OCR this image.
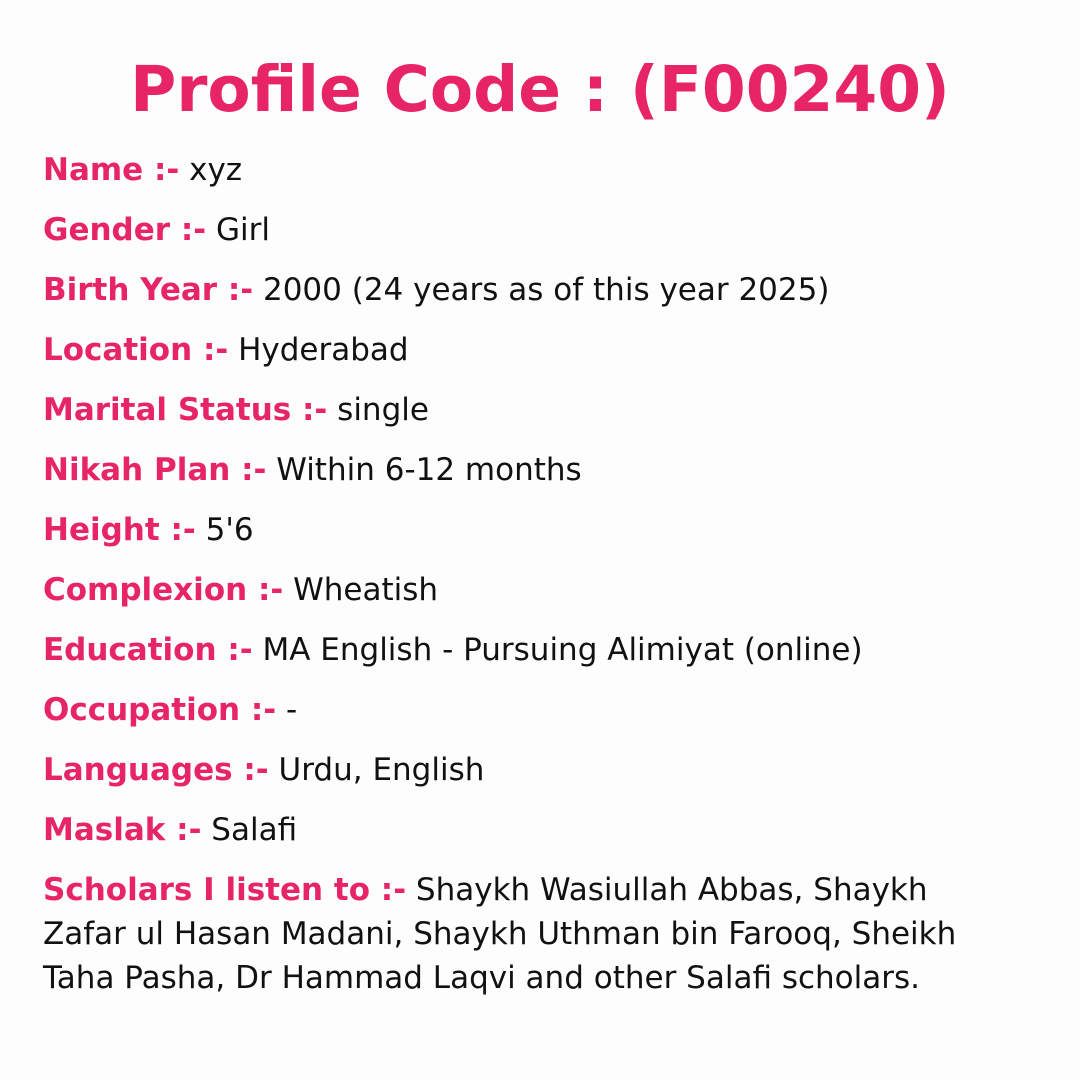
Profile Code : (F00240)

Name :- xyz

Gender :- Girl

Birth Year :- 2000 (24 years as of this year 2025)

Location :- Hyderabad

Marital Status :- single

Nikah Plan :- Within 6-12 months

Height :- 5'6

Complexion :- Wheatish

Education :- MA English - Pursuing Alimiyat (online)

Occupation :- -

Languages :- Urdu, English

Maslak :- Salafi

Scholars I listen to :- Shaykh Wasiullah Abbas, Shaykh Zafar ul Hasan Madani, Shaykh Uthman bin Farooq, Sheikh Taha Pasha, Dr Hammad Laqvi and other Salafi scholars.
